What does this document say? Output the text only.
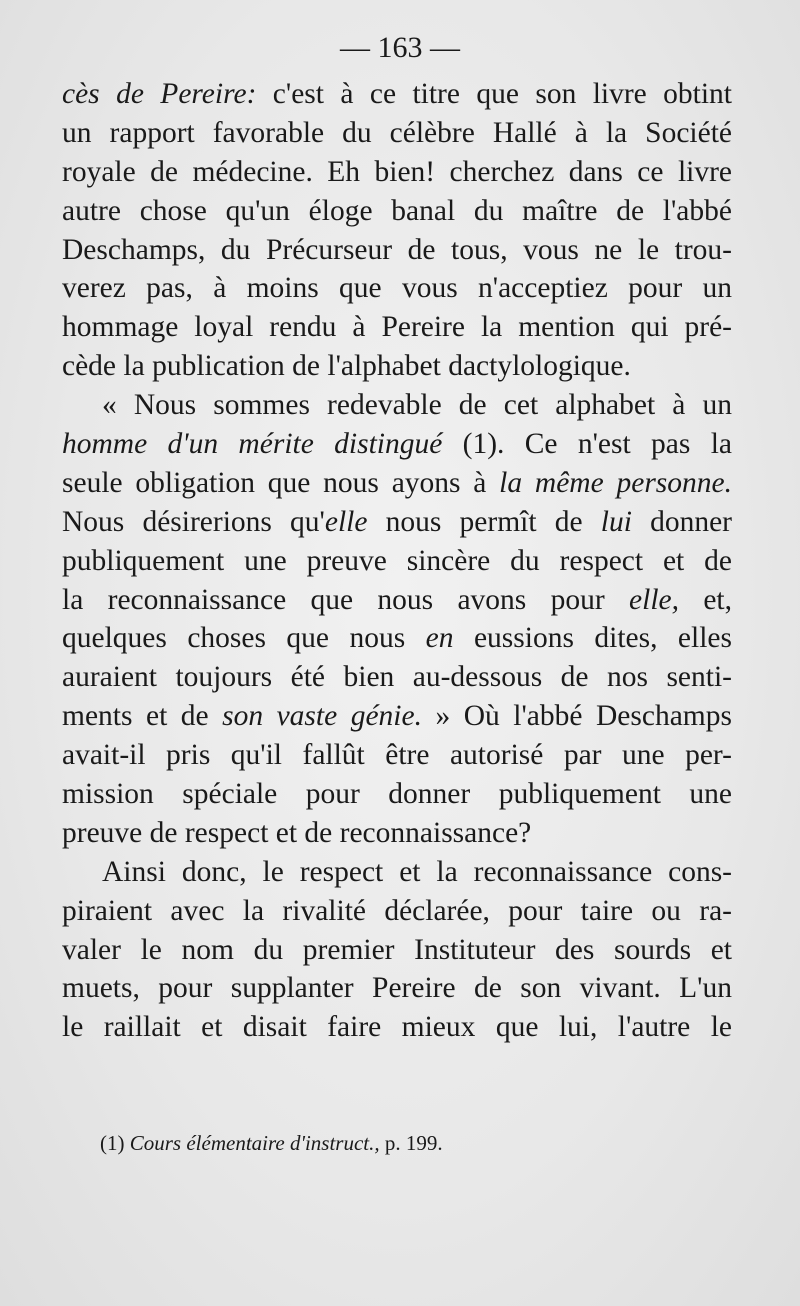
— 163 —
cès de Pereire: c'est à ce titre que son livre obtint
un rapport favorable du célèbre Hallé à la Société
royale de médecine. Eh bien! cherchez dans ce livre
autre chose qu'un éloge banal du maître de l'abbé
Deschamps, du Précurseur de tous, vous ne le trou-
verez pas, à moins que vous n'acceptiez pour un
hommage loyal rendu à Pereire la mention qui pré-
cède la publication de l'alphabet dactylologique.
« Nous sommes redevable de cet alphabet à un
homme d'un mérite distingué (1). Ce n'est pas la
seule obligation que nous ayons à la même personne.
Nous désirerions qu'elle nous permît de lui donner
publiquement une preuve sincère du respect et de
la reconnaissance que nous avons pour elle, et,
quelques choses que nous en eussions dites, elles
auraient toujours été bien au-dessous de nos senti-
ments et de son vaste génie. » Où l'abbé Deschamps
avait-il pris qu'il fallût être autorisé par une per-
mission spéciale pour donner publiquement une
preuve de respect et de reconnaissance?
Ainsi donc, le respect et la reconnaissance cons-
piraient avec la rivalité déclarée, pour taire ou ra-
valer le nom du premier Instituteur des sourds et
muets, pour supplanter Pereire de son vivant. L'un
le raillait et disait faire mieux que lui, l'autre le
(1) Cours élémentaire d'instruct., p. 199.
